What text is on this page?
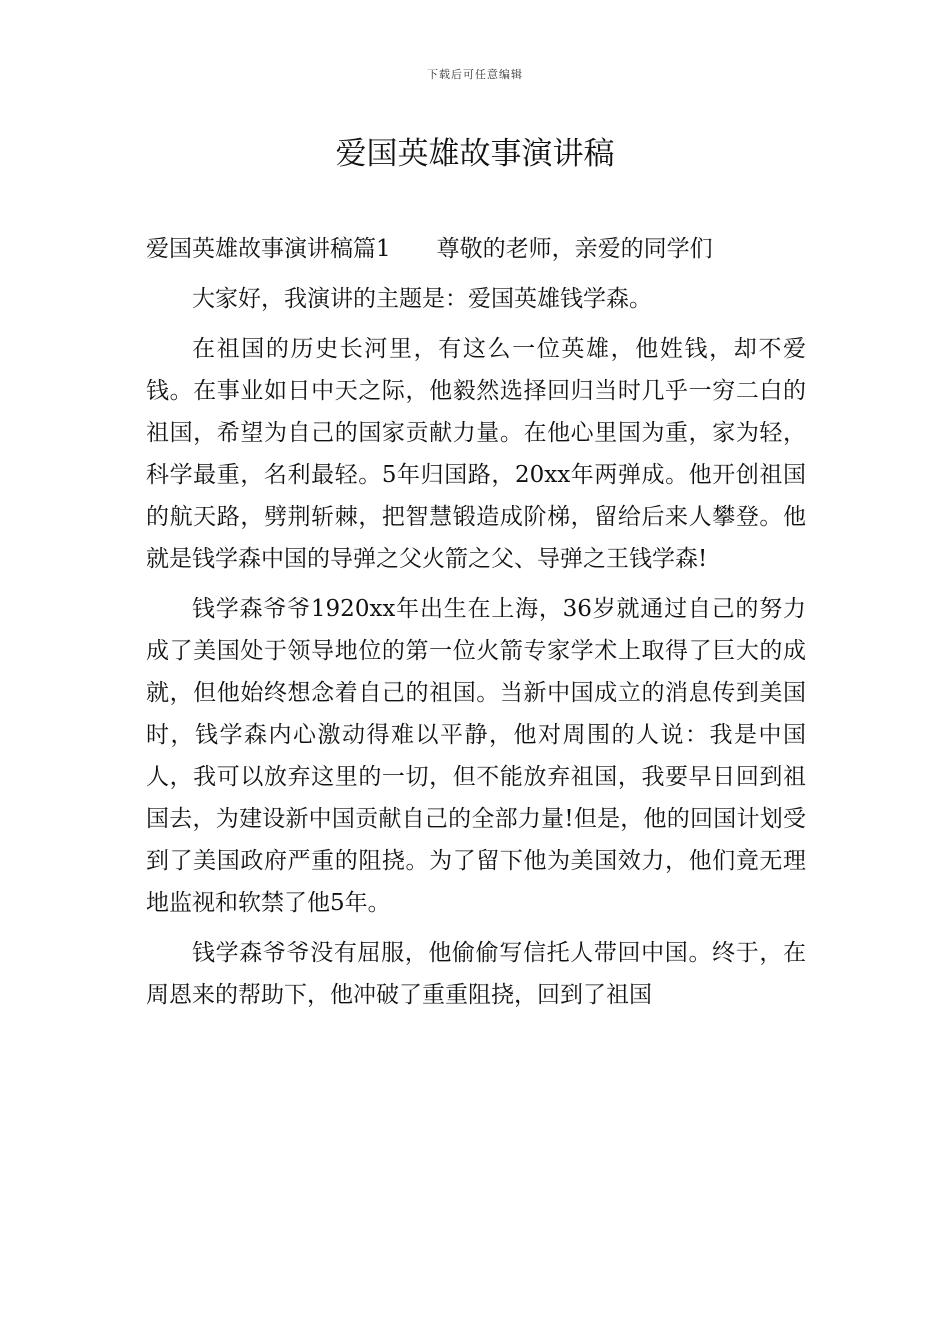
下载后可任意编辑
爱国英雄故事演讲稿

爱国英雄故事演讲稿篇1　　尊敬的老师，亲爱的同学们

大家好，我演讲的主题是：爱国英雄钱学森。

在祖国的历史长河里，有这么一位英雄，他姓钱，却不爱钱。在事业如日中天之际，他毅然选择回归当时几乎一穷二白的祖国，希望为自己的国家贡献力量。在他心里国为重，家为轻，科学最重，名利最轻。5年归国路，20xx年两弹成。他开创祖国的航天路，劈荆斩棘，把智慧锻造成阶梯，留给后来人攀登。他就是钱学森中国的导弹之父火箭之父、导弹之王钱学森!

钱学森爷爷1920xx年出生在上海，36岁就通过自己的努力成了美国处于领导地位的第一位火箭专家学术上取得了巨大的成就，但他始终想念着自己的祖国。当新中国成立的消息传到美国时，钱学森内心激动得难以平静，他对周围的人说：我是中国人，我可以放弃这里的一切，但不能放弃祖国，我要早日回到祖国去，为建设新中国贡献自己的全部力量!但是，他的回国计划受到了美国政府严重的阻挠。为了留下他为美国效力，他们竟无理地监视和软禁了他5年。

钱学森爷爷没有屈服，他偷偷写信托人带回中国。终于，在周恩来的帮助下，他冲破了重重阻挠，回到了祖国
